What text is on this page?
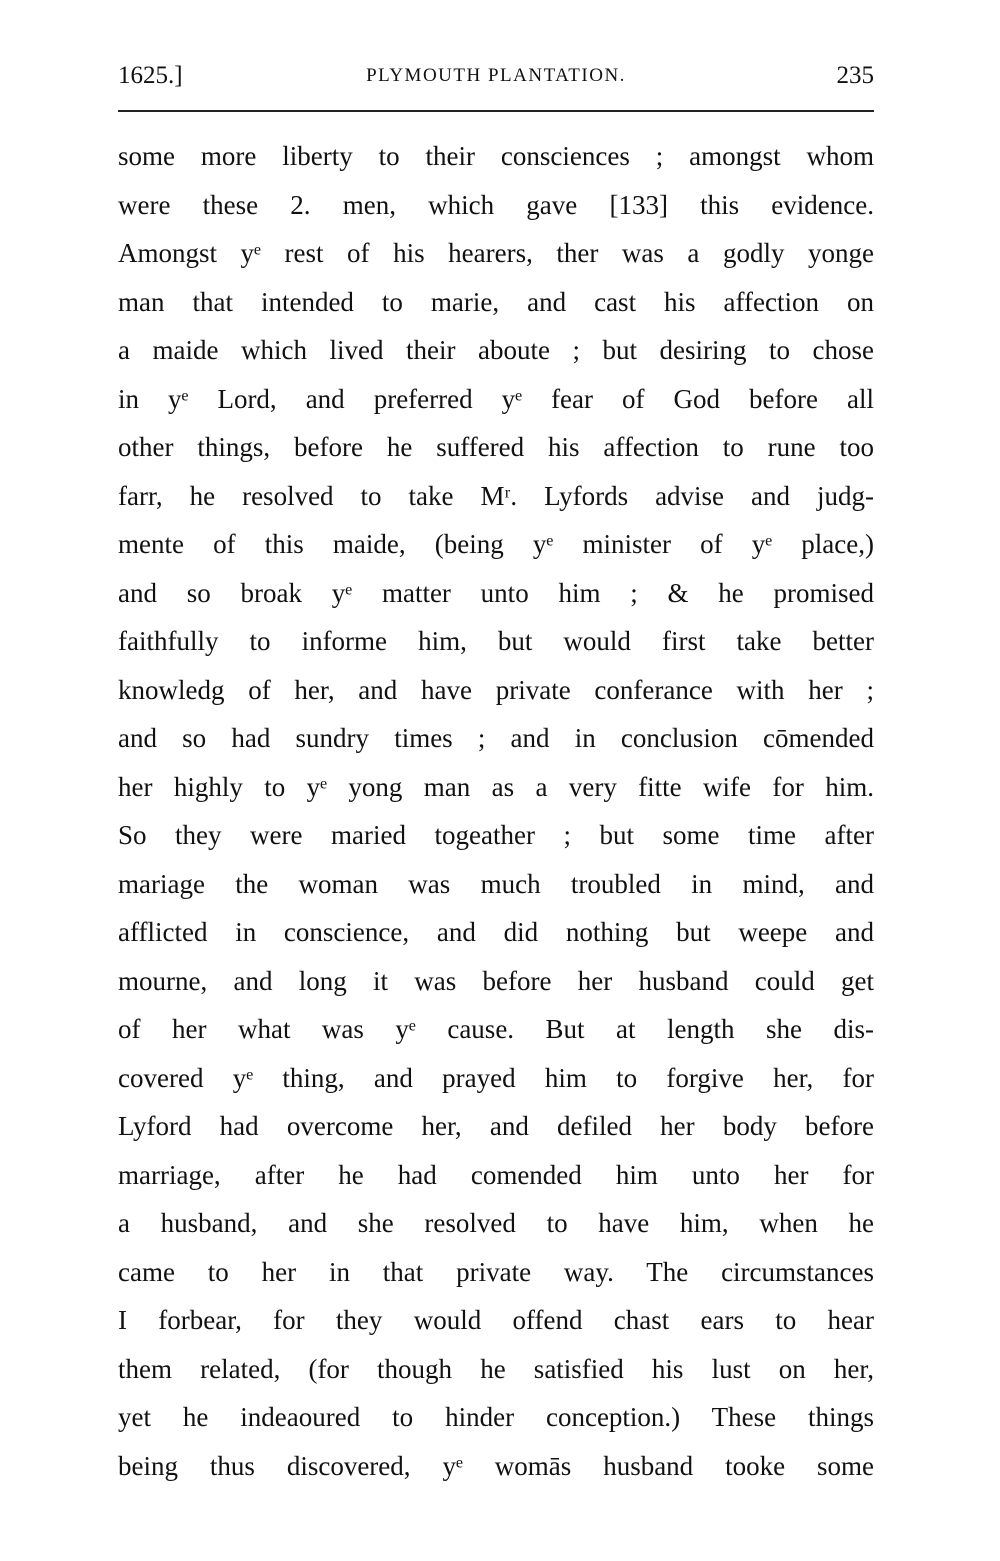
1625.]	PLYMOUTH PLANTATION.	235
some more liberty to their consciences ; amongst whom
were these 2. men, which gave [133] this evidence.
Amongst yᵉ rest of his hearers, ther was a godly yonge
man that intended to marie, and cast his affection on
a maide which lived their aboute ; but desiring to chose
in yᵉ Lord, and preferred yᵉ fear of God before all
other things, before he suffered his affection to rune too
farr, he resolved to take Mʳ. Lyfords advise and judg-
mente of this maide, (being yᵉ minister of yᵉ place,)
and so broak yᵉ matter unto him ; & he promised
faithfully to informe him, but would first take better
knowledg of her, and have private conferance with her ;
and so had sundry times ; and in conclusion cōmended
her highly to yᵉ yong man as a very fitte wife for him.
So they were maried togeather ; but some time after
mariage the woman was much troubled in mind, and
afflicted in conscience, and did nothing but weepe and
mourne, and long it was before her husband could get
of her what was yᵉ cause. But at length she dis-
covered yᵉ thing, and prayed him to forgive her, for
Lyford had overcome her, and defiled her body before
marriage, after he had comended him unto her for
a husband, and she resolved to have him, when he
came to her in that private way. The circumstances
I forbear, for they would offend chast ears to hear
them related, (for though he satisfied his lust on her,
yet he indeaoured to hinder conception.) These things
being thus discovered, yᵉ womās husband tooke some
